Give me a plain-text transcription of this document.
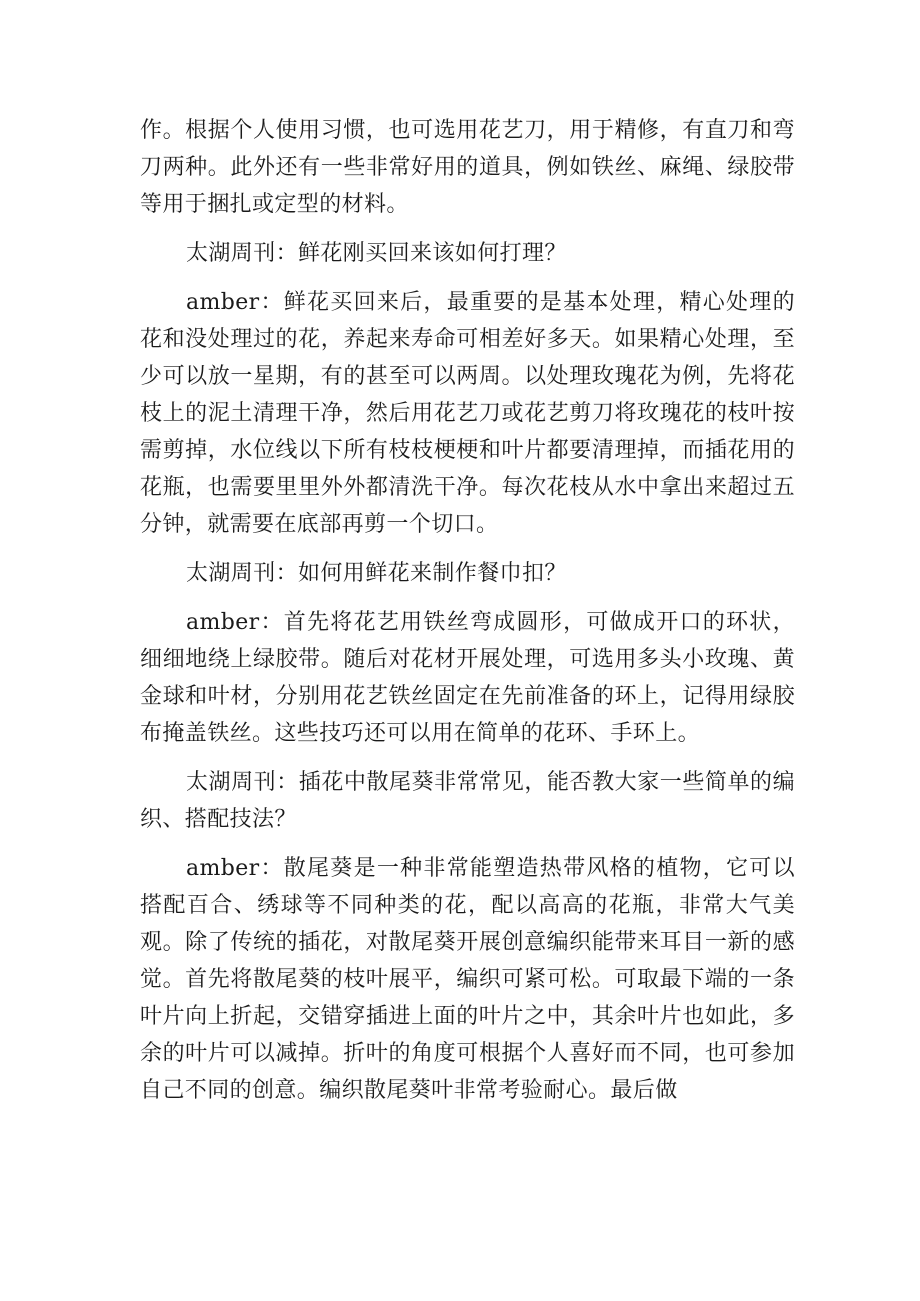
作。根据个人使用习惯，也可选用花艺刀，用于精修，有直刀和弯刀两种。此外还有一些非常好用的道具，例如铁丝、麻绳、绿胶带等用于捆扎或定型的材料。

太湖周刊：鲜花刚买回来该如何打理？

amber：鲜花买回来后，最重要的是基本处理，精心处理的花和没处理过的花，养起来寿命可相差好多天。如果精心处理，至少可以放一星期，有的甚至可以两周。以处理玫瑰花为例，先将花枝上的泥土清理干净，然后用花艺刀或花艺剪刀将玫瑰花的枝叶按需剪掉，水位线以下所有枝枝梗梗和叶片都要清理掉，而插花用的花瓶，也需要里里外外都清洗干净。每次花枝从水中拿出来超过五分钟，就需要在底部再剪一个切口。

太湖周刊：如何用鲜花来制作餐巾扣？

amber：首先将花艺用铁丝弯成圆形，可做成开口的环状，细细地绕上绿胶带。随后对花材开展处理，可选用多头小玫瑰、黄金球和叶材，分别用花艺铁丝固定在先前准备的环上，记得用绿胶布掩盖铁丝。这些技巧还可以用在简单的花环、手环上。

太湖周刊：插花中散尾葵非常常见，能否教大家一些简单的编织、搭配技法？

amber：散尾葵是一种非常能塑造热带风格的植物，它可以搭配百合、绣球等不同种类的花，配以高高的花瓶，非常大气美观。除了传统的插花，对散尾葵开展创意编织能带来耳目一新的感觉。首先将散尾葵的枝叶展平，编织可紧可松。可取最下端的一条叶片向上折起，交错穿插进上面的叶片之中，其余叶片也如此，多余的叶片可以减掉。折叶的角度可根据个人喜好而不同，也可参加自己不同的创意。编织散尾葵叶非常考验耐心。最后做
